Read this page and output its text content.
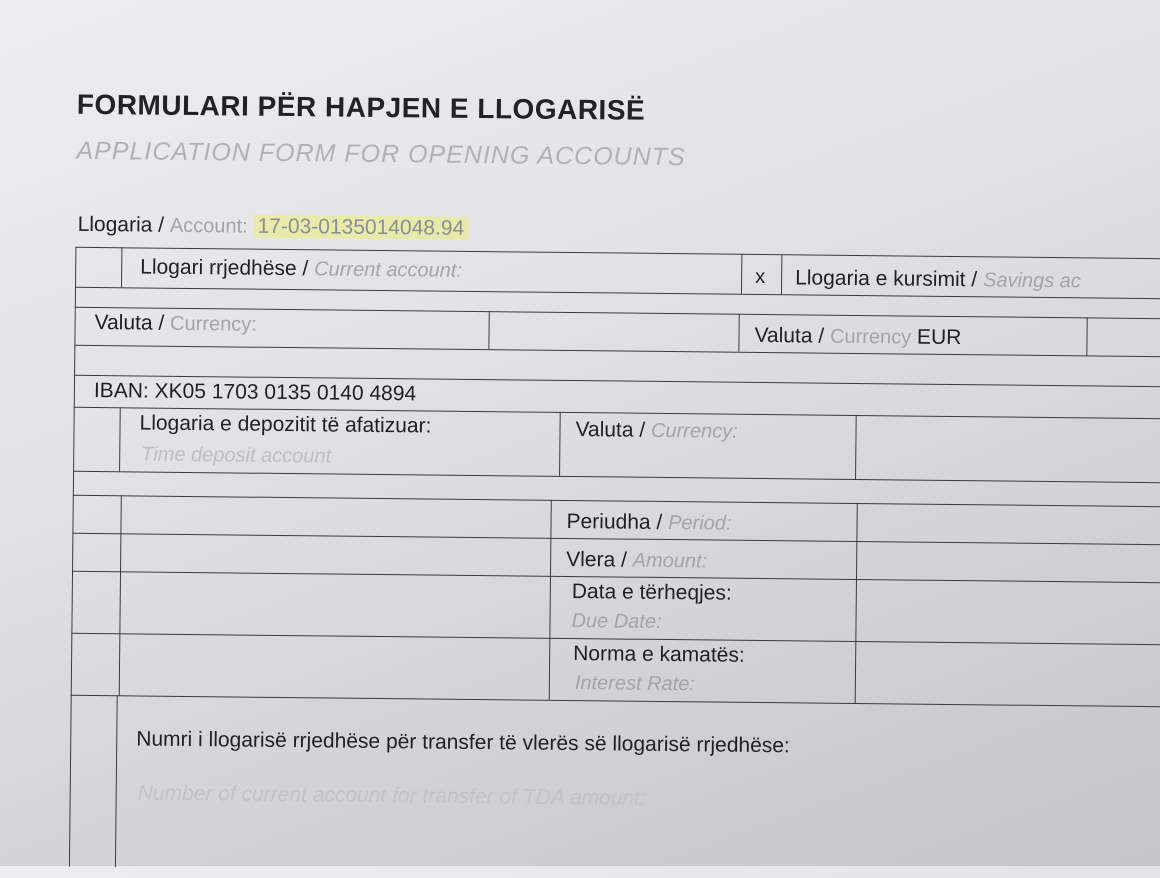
FORMULARI PËR HAPJEN E LLOGARISË
APPLICATION FORM FOR OPENING ACCOUNTS
Llogaria / Account: 17-03-0135014048.94
Llogari rrjedhëse / Current account:	x Llogaria e kursimit / Savings ac
Valuta / Currency:	Valuta / Currency EUR
IBAN: XK05 1703 0135 0140 4894
Llogaria e depozitit të afatizuar:
Time deposit account
Valuta / Currency:
Periudha / Period:
Vlera / Amount:
Data e tërheqjes:
Due Date:
Norma e kamatës:
Interest Rate:
Numri i llogarisë rrjedhëse për transfer të vlerës së llogarisë rrjedhëse:
Number of current account for transfer of TDA amount:
